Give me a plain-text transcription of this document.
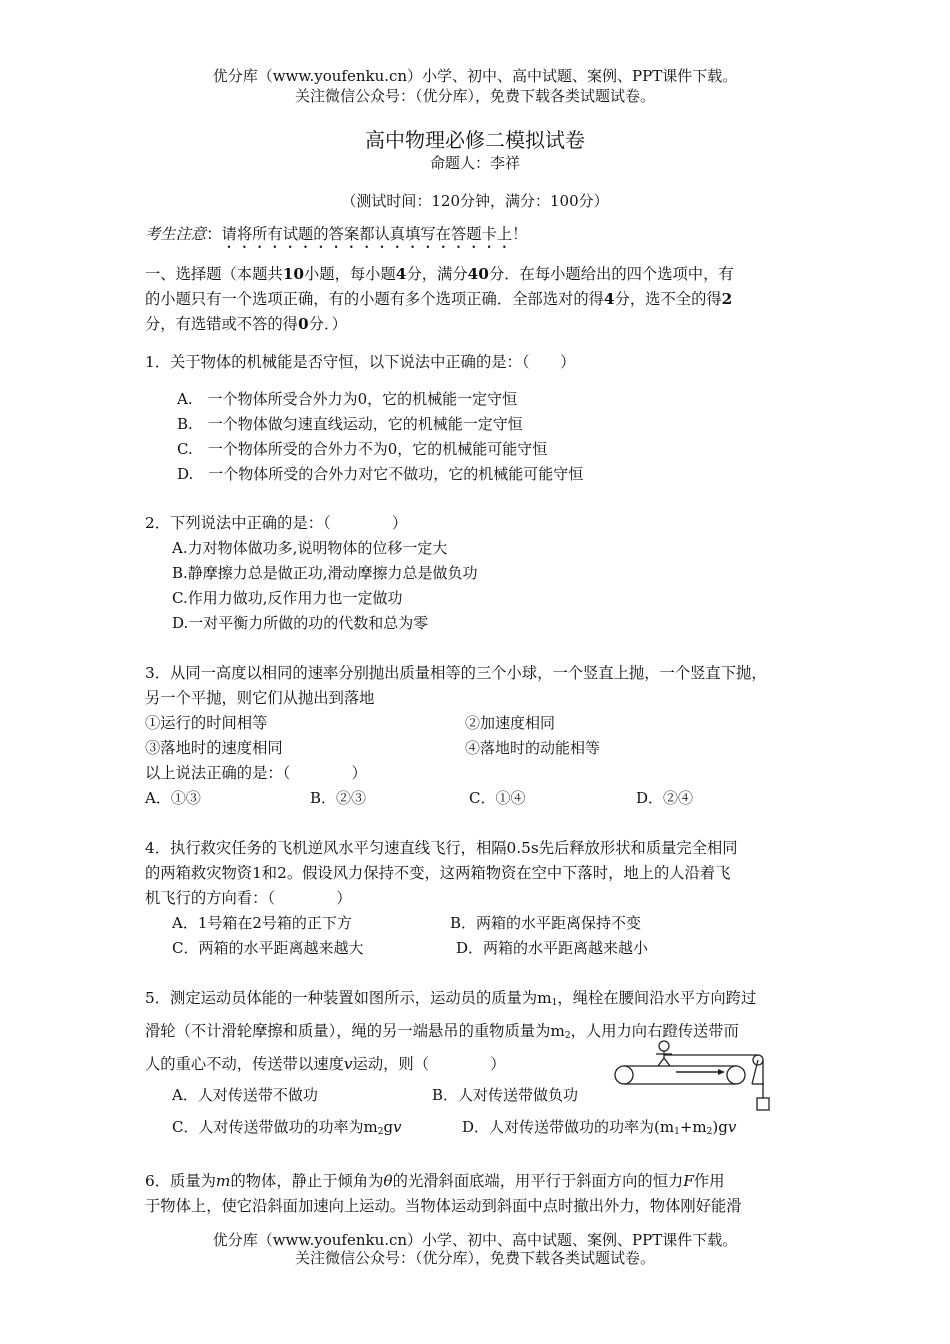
优分库（www.youfenku.cn）小学、初中、高中试题、案例、PPT课件下载。
关注微信公众号：（优分库），免费下载各类试题试卷。
高中物理必修二模拟试卷
命题人：李祥
（测试时间：120分钟，满分：100分）
考生注意：请将所有试题的答案都认真填写在答题卡上！
一、选择题（本题共10小题，每小题4分，满分40分．在每小题给出的四个选项中，有
的小题只有一个选项正确，有的小题有多个选项正确．全部选对的得4分，选不全的得2
分，有选错或不答的得0分．）
1．关于物体的机械能是否守恒，以下说法中正确的是：（　　）
A.　一个物体所受合外力为0，它的机械能一定守恒
B.　一个物体做匀速直线运动，它的机械能一定守恒
C.　一个物体所受的合外力不为0，它的机械能可能守恒
D.　一个物体所受的合外力对它不做功，它的机械能可能守恒
2．下列说法中正确的是：（　　　　）
A.力对物体做功多,说明物体的位移一定大
B.静摩擦力总是做正功,滑动摩擦力总是做负功
C.作用力做功,反作用力也一定做功
D.一对平衡力所做的功的代数和总为零
3．从同一高度以相同的速率分别抛出质量相等的三个小球，一个竖直上抛，一个竖直下抛，
另一个平抛，则它们从抛出到落地
①运行的时间相等	②加速度相同
③落地时的速度相同	④落地时的动能相等
以上说法正确的是：（　　　　）
A．①③	B．②③	C．①④	D．②④
4．执行救灾任务的飞机逆风水平匀速直线飞行，相隔0.5s先后释放形状和质量完全相同
的两箱救灾物资1和2。假设风力保持不变，这两箱物资在空中下落时，地上的人沿着飞
机飞行的方向看：（　　　　）
A．1号箱在2号箱的正下方	B．两箱的水平距离保持不变
C．两箱的水平距离越来越大	D．两箱的水平距离越来越小
5．测定运动员体能的一种装置如图所示，运动员的质量为m1，绳栓在腰间沿水平方向跨过
滑轮（不计滑轮摩擦和质量），绳的另一端悬吊的重物质量为m2，人用力向右蹬传送带而
人的重心不动，传送带以速度v运动，则（　　　　）
A．人对传送带不做功	B．人对传送带做负功
C．人对传送带做功的功率为m2gv	D．人对传送带做功的功率为(m1+m2)gv
6．质量为m的物体，静止于倾角为θ的光滑斜面底端，用平行于斜面方向的恒力F作用
于物体上，使它沿斜面加速向上运动。当物体运动到斜面中点时撤出外力，物体刚好能滑
优分库（www.youfenku.cn）小学、初中、高中试题、案例、PPT课件下载。
关注微信公众号：（优分库），免费下载各类试题试卷。
